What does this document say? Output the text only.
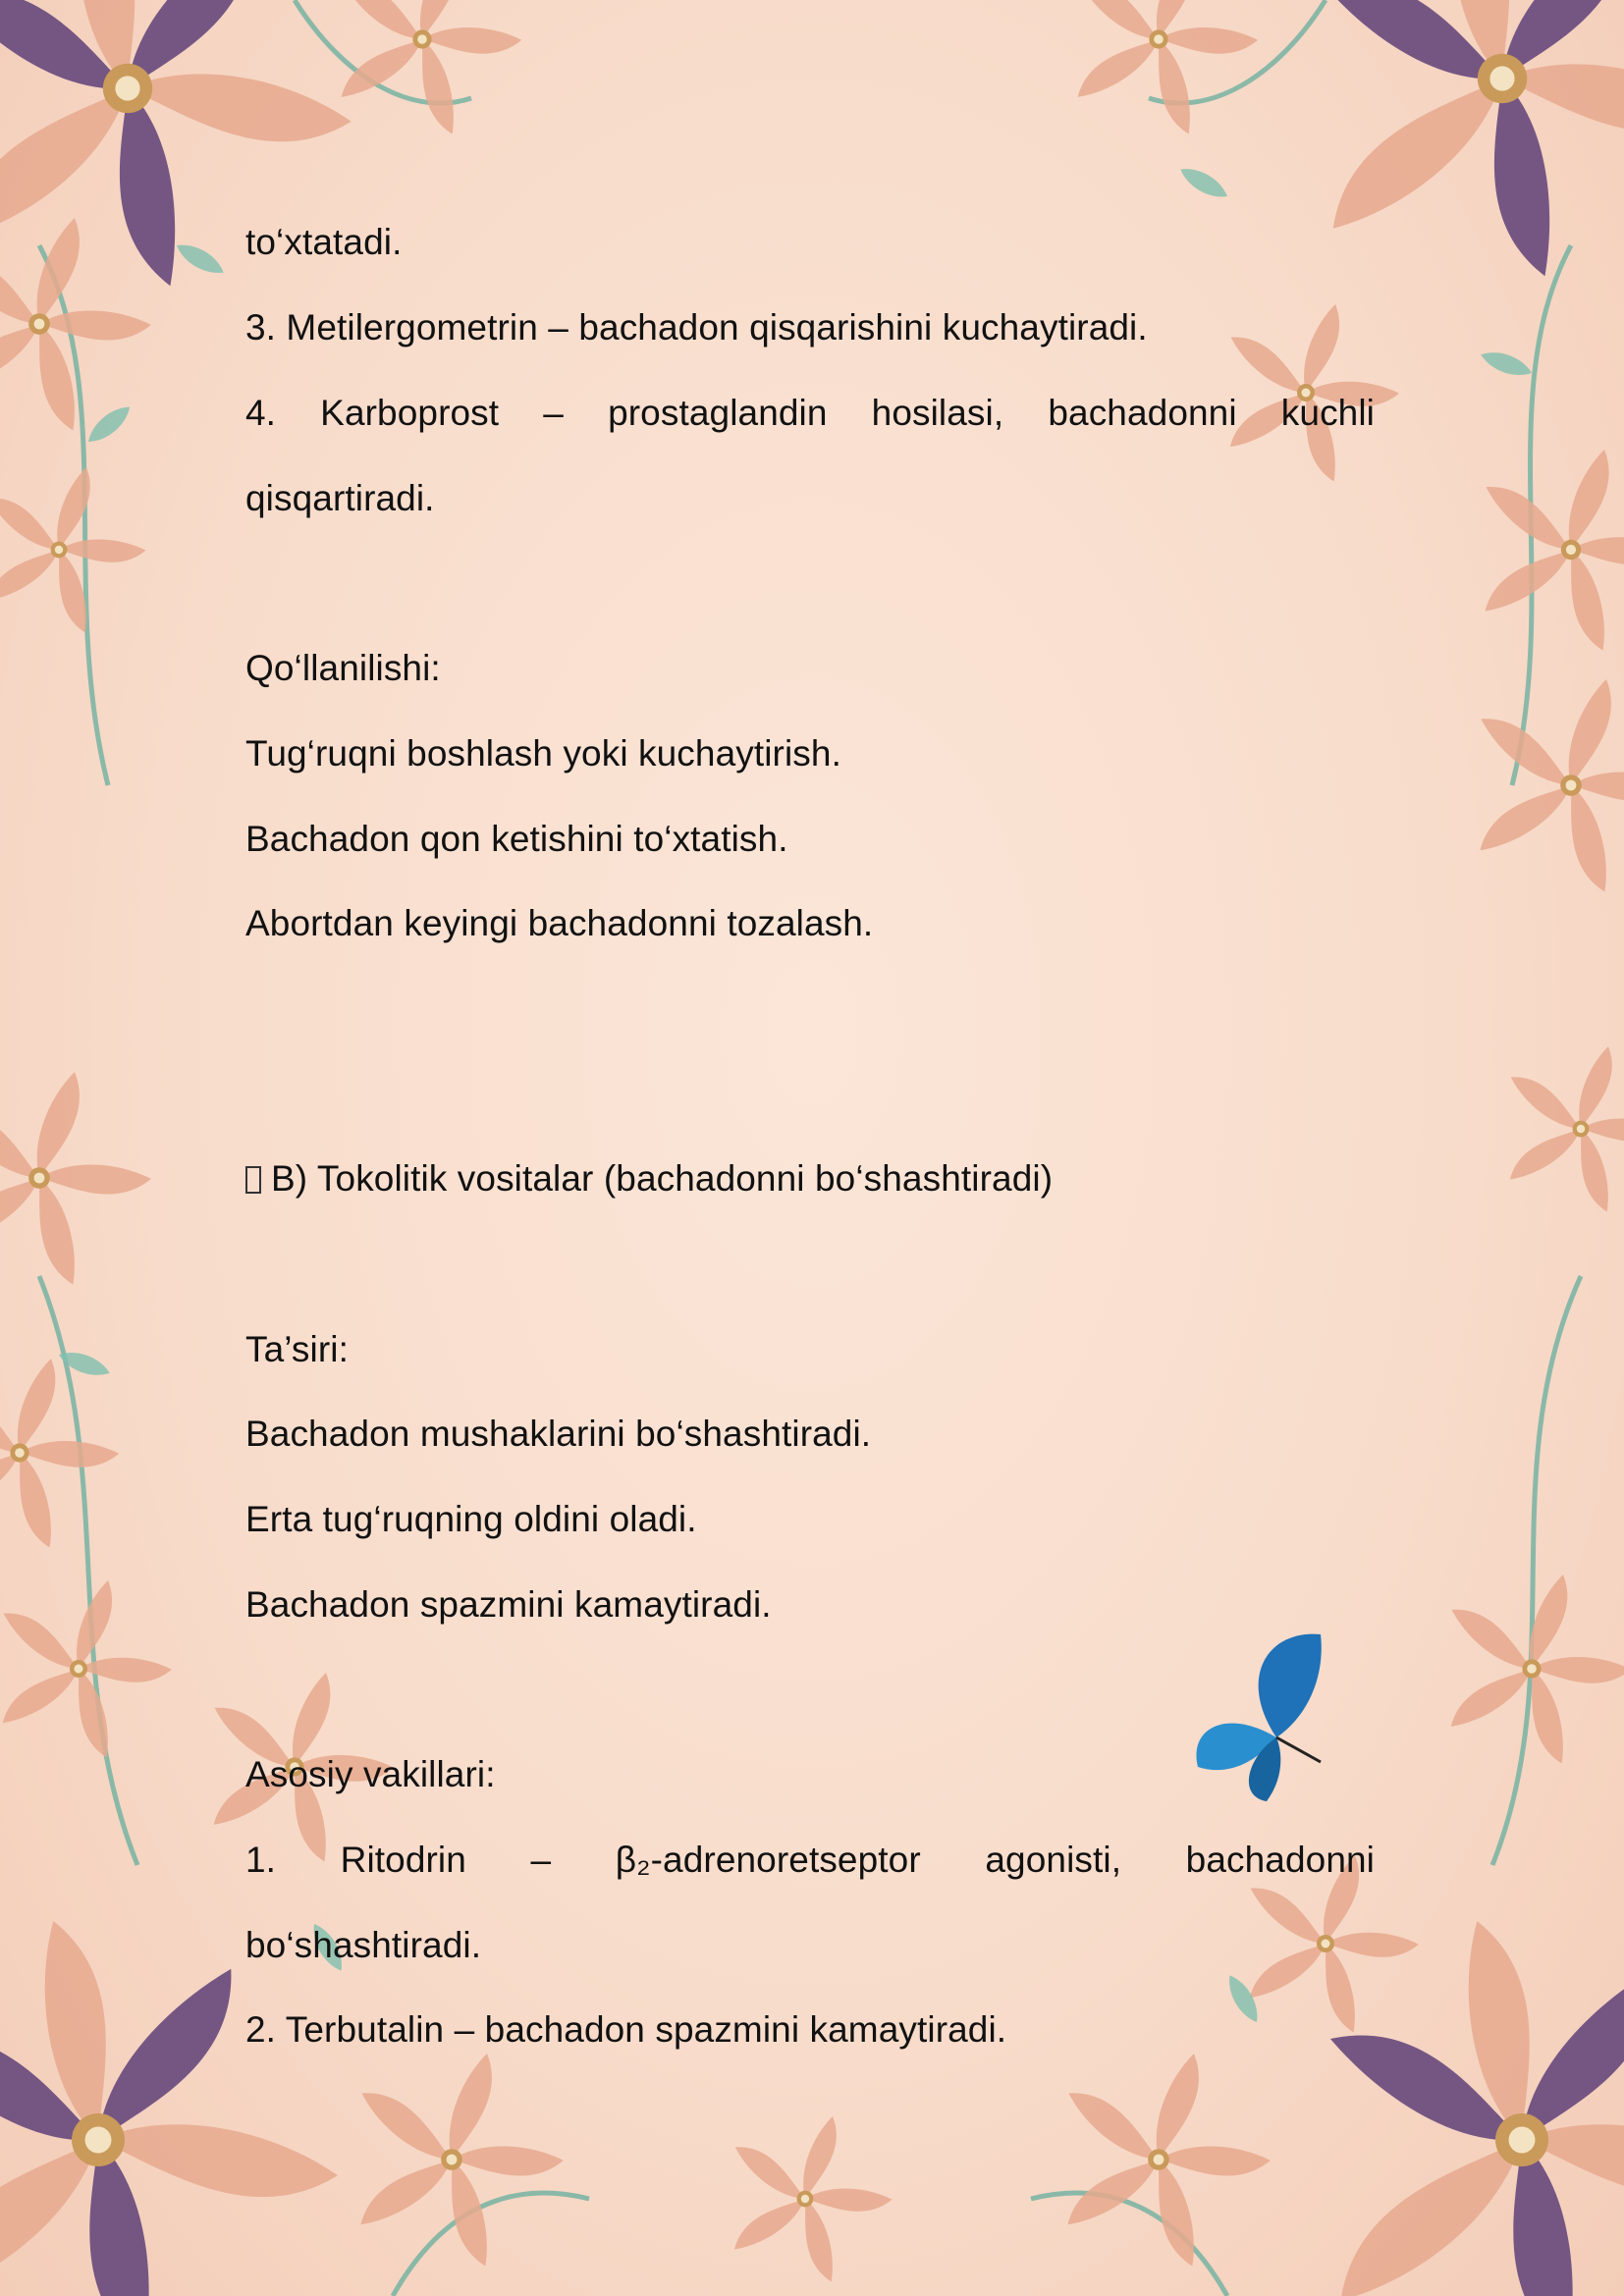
to‘xtatadi.
3. Metilergometrin – bachadon qisqarishini kuchaytiradi.
4. Karboprost – prostaglandin hosilasi, bachadonni kuchli
qisqartiradi.
Qo‘llanilishi:
Tug‘ruqni boshlash yoki kuchaytirish.
Bachadon qon ketishini to‘xtatish.
Abortdan keyingi bachadonni tozalash.
B) Tokolitik vositalar (bachadonni bo‘shashtiradi)
Ta’siri:
Bachadon mushaklarini bo‘shashtiradi.
Erta tug‘ruqning oldini oladi.
Bachadon spazmini kamaytiradi.
Asosiy vakillari:
1. Ritodrin – β₂-adrenoretseptor agonisti, bachadonni
bo‘shashtiradi.
2. Terbutalin – bachadon spazmini kamaytiradi.
